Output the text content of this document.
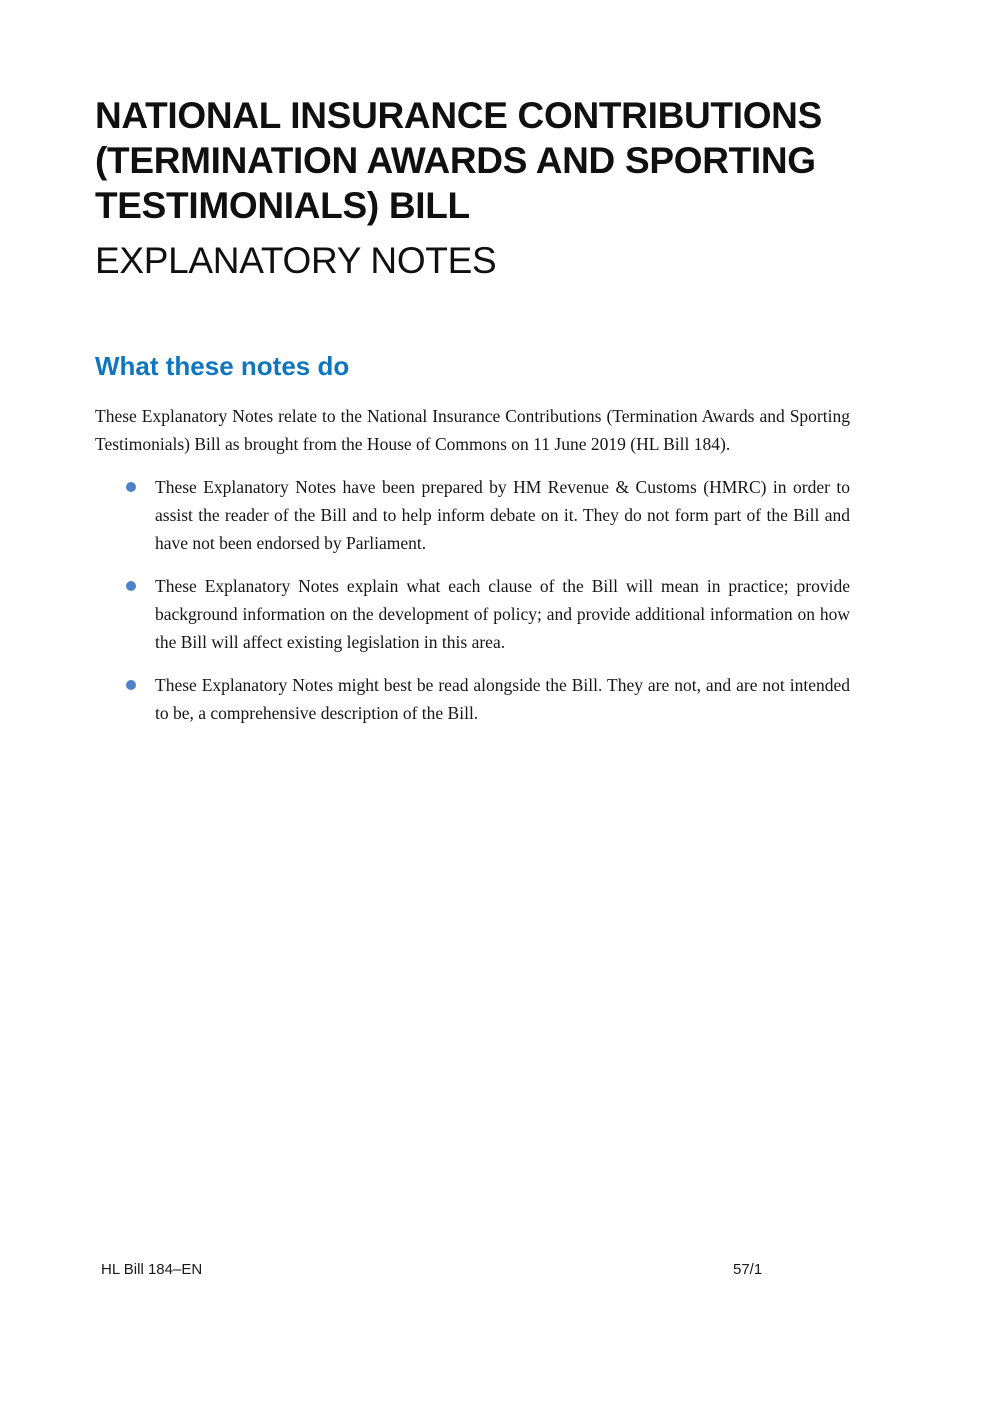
NATIONAL INSURANCE CONTRIBUTIONS (TERMINATION AWARDS AND SPORTING TESTIMONIALS) BILL
EXPLANATORY NOTES
What these notes do

These Explanatory Notes relate to the National Insurance Contributions (Termination Awards and Sporting Testimonials) Bill as brought from the House of Commons on 11 June 2019 (HL Bill 184).

These Explanatory Notes have been prepared by HM Revenue & Customs (HMRC) in order to assist the reader of the Bill and to help inform debate on it. They do not form part of the Bill and have not been endorsed by Parliament.
These Explanatory Notes explain what each clause of the Bill will mean in practice; provide background information on the development of policy; and provide additional information on how the Bill will affect existing legislation in this area.
These Explanatory Notes might best be read alongside the Bill. They are not, and are not intended to be, a comprehensive description of the Bill.
HL Bill 184–EN	57/1
